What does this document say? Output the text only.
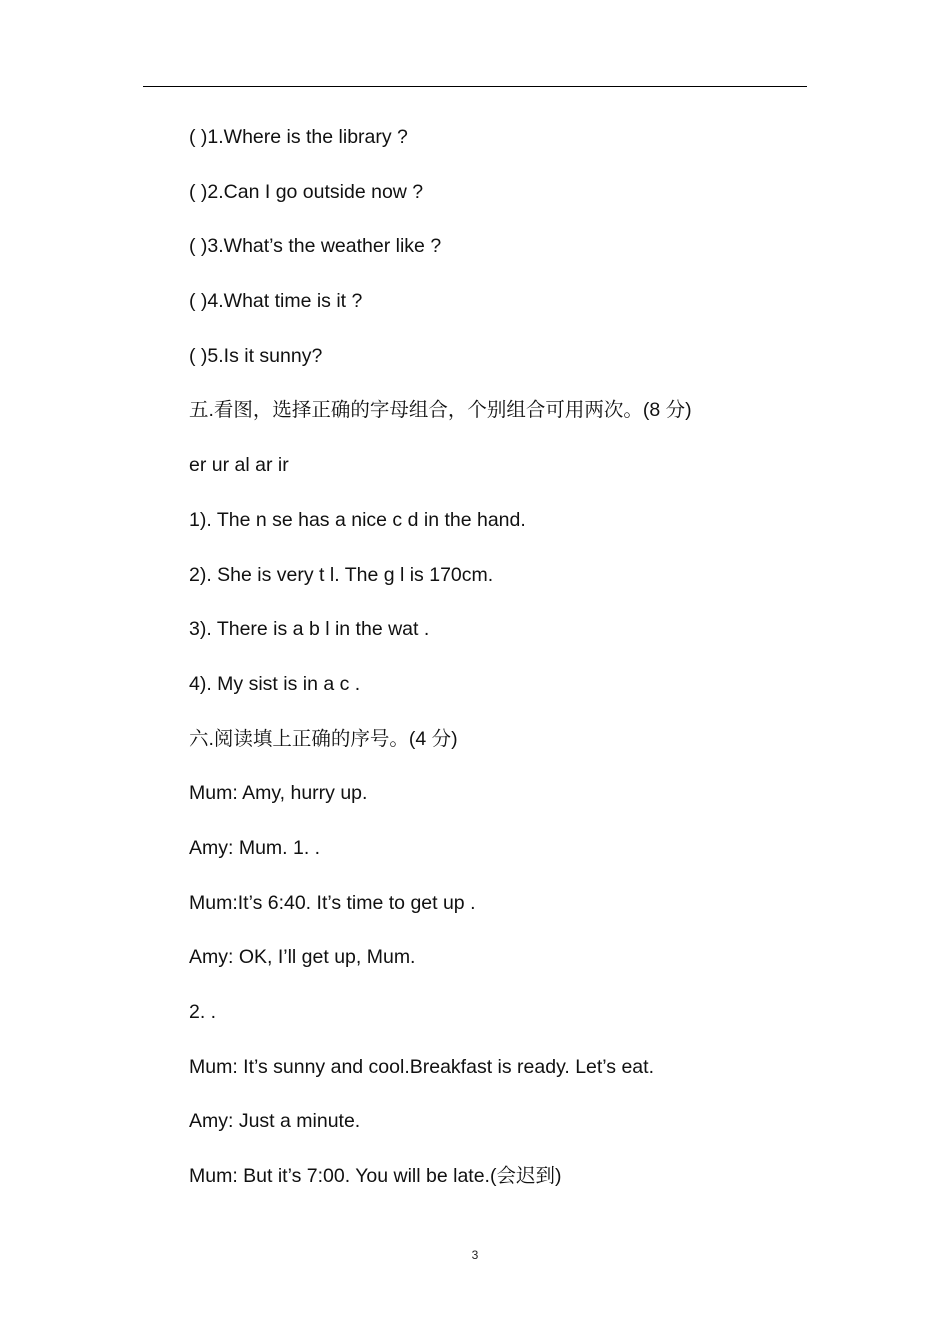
( )1.Where is the library ?
( )2.Can I go outside now ?
( )3.What’s the weather like ?
( )4.What time is it ?
( )5.Is it sunny?
五.看图，选择正确的字母组合，个别组合可用两次。(8 分)
er ur al ar ir
1). The n se has a nice c d in the hand.
2). She is very t l. The g l is 170cm.
3). There is a b l in the wat .
4). My sist is in a c .
六.阅读填上正确的序号。(4 分)
Mum: Amy, hurry up.
Amy: Mum. 1. .
Mum:It’s 6:40. It’s time to get up .
Amy: OK, I’ll get up, Mum.
2. .
Mum: It’s sunny and cool.Breakfast is ready. Let’s eat.
Amy: Just a minute.
Mum: But it’s 7:00. You will be late.(会迟到)
3
